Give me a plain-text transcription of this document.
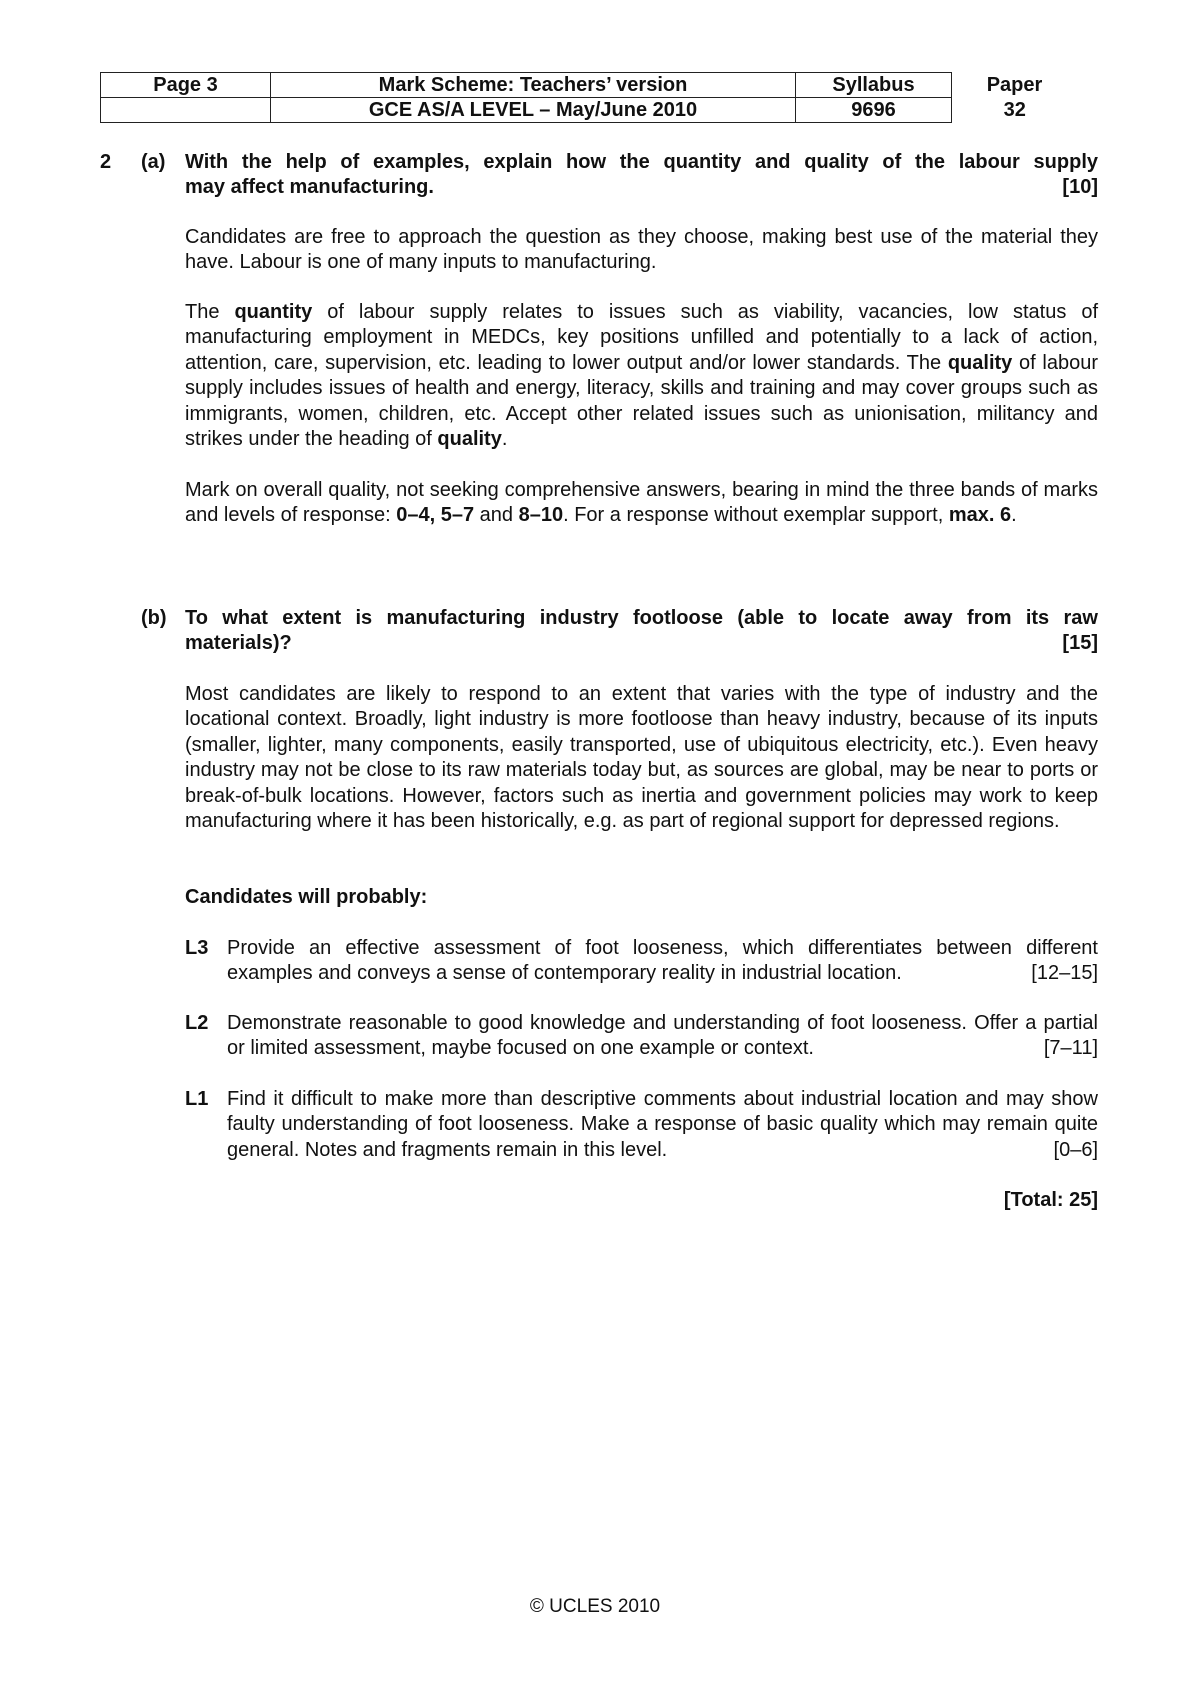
Page 3	Mark Scheme: Teachers’ version	Syllabus	Paper
	GCE AS/A LEVEL – May/June 2010	9696	32
2 (a) With the help of examples, explain how the quantity and quality of the labour supply
[10]
may affect manufacturing.
Candidates are free to approach the question as they choose, making best use of the material they have. Labour is one of many inputs to manufacturing.
The quantity of labour supply relates to issues such as viability, vacancies, low status of manufacturing employment in MEDCs, key positions unfilled and potentially to a lack of action, attention, care, supervision, etc. leading to lower output and/or lower standards. The quality of labour supply includes issues of health and energy, literacy, skills and training and may cover groups such as immigrants, women, children, etc. Accept other related issues such as unionisation, militancy and strikes under the heading of quality.
Mark on overall quality, not seeking comprehensive answers, bearing in mind the three bands of marks and levels of response: 0–4, 5–7 and 8–10. For a response without exemplar support, max. 6.
(b) To what extent is manufacturing industry footloose (able to locate away from its raw
[15]
materials)?
Most candidates are likely to respond to an extent that varies with the type of industry and the locational context. Broadly, light industry is more footloose than heavy industry, because of its inputs (smaller, lighter, many components, easily transported, use of ubiquitous electricity, etc.). Even heavy industry may not be close to its raw materials today but, as sources are global, may be near to ports or break-of-bulk locations. However, factors such as inertia and government policies may work to keep manufacturing where it has been historically, e.g. as part of regional support for depressed regions.
Candidates will probably:
L3 Provide an effective assessment of foot looseness, which differentiates between different examples and conveys a sense of contemporary reality in industrial location.	[12–15]
L2 Demonstrate reasonable to good knowledge and understanding of foot looseness. Offer a partial or limited assessment, maybe focused on one example or context.	[7–11]
L1 Find it difficult to make more than descriptive comments about industrial location and may show faulty understanding of foot looseness. Make a response of basic quality which may remain quite general. Notes and fragments remain in this level.	[0–6]
[Total: 25]
© UCLES 2010
